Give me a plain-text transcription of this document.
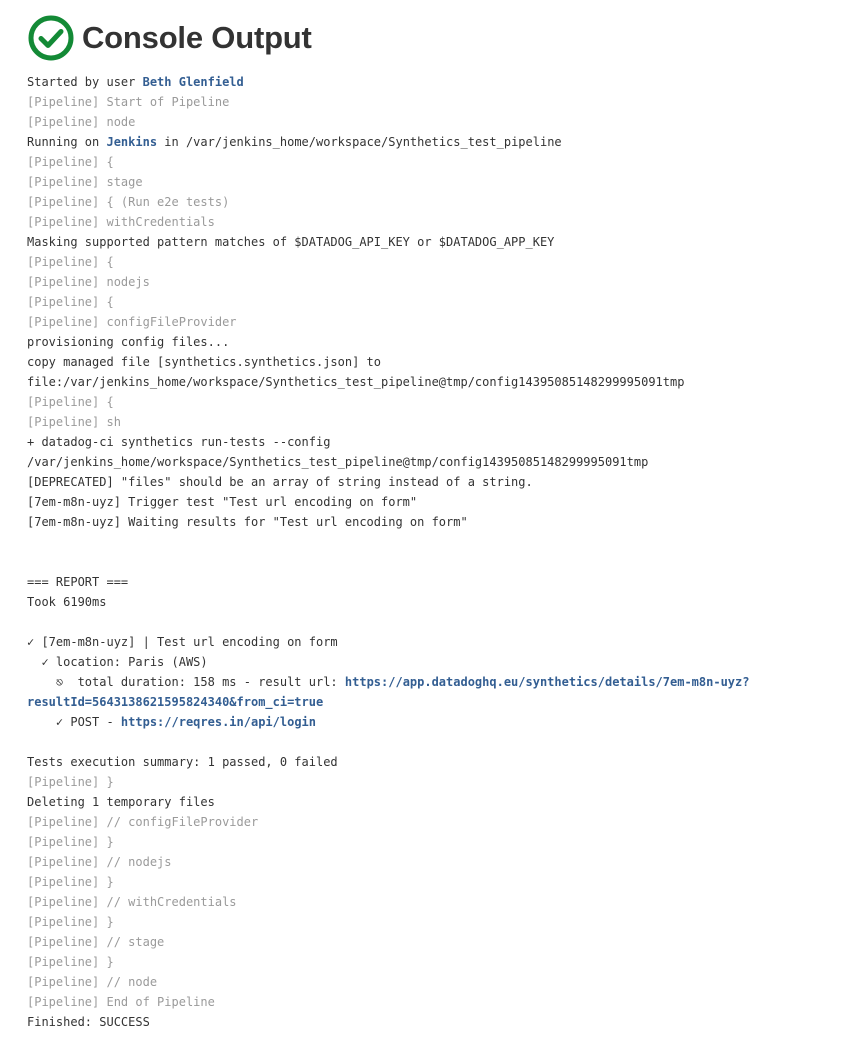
Console Output
Started by user Beth Glenfield
[Pipeline] Start of Pipeline
[Pipeline] node
Running on Jenkins in /var/jenkins_home/workspace/Synthetics_test_pipeline
[Pipeline] {
[Pipeline] stage
[Pipeline] { (Run e2e tests)
[Pipeline] withCredentials
Masking supported pattern matches of $DATADOG_API_KEY or $DATADOG_APP_KEY
[Pipeline] {
[Pipeline] nodejs
[Pipeline] {
[Pipeline] configFileProvider
provisioning config files...
copy managed file [synthetics.synthetics.json] to
file:/var/jenkins_home/workspace/Synthetics_test_pipeline@tmp/config14395085148299995091tmp
[Pipeline] {
[Pipeline] sh
+ datadog-ci synthetics run-tests --config
/var/jenkins_home/workspace/Synthetics_test_pipeline@tmp/config14395085148299995091tmp
[DEPRECATED] "files" should be an array of string instead of a string.
[7em-m8n-uyz] Trigger test "Test url encoding on form"
[7em-m8n-uyz] Waiting results for "Test url encoding on form"
=== REPORT ===
Took 6190ms
✓ [7em-m8n-uyz] | Test url encoding on form
✓ location: Paris (AWS)
⎋  total duration: 158 ms - result url: https://app.datadoghq.eu/synthetics/details/7em-m8n-uyz?
resultId=5643138621595824340&from_ci=true
✓ POST - https://reqres.in/api/login
Tests execution summary: 1 passed, 0 failed
[Pipeline] }
Deleting 1 temporary files
[Pipeline] // configFileProvider
[Pipeline] }
[Pipeline] // nodejs
[Pipeline] }
[Pipeline] // withCredentials
[Pipeline] }
[Pipeline] // stage
[Pipeline] }
[Pipeline] // node
[Pipeline] End of Pipeline
Finished: SUCCESS
